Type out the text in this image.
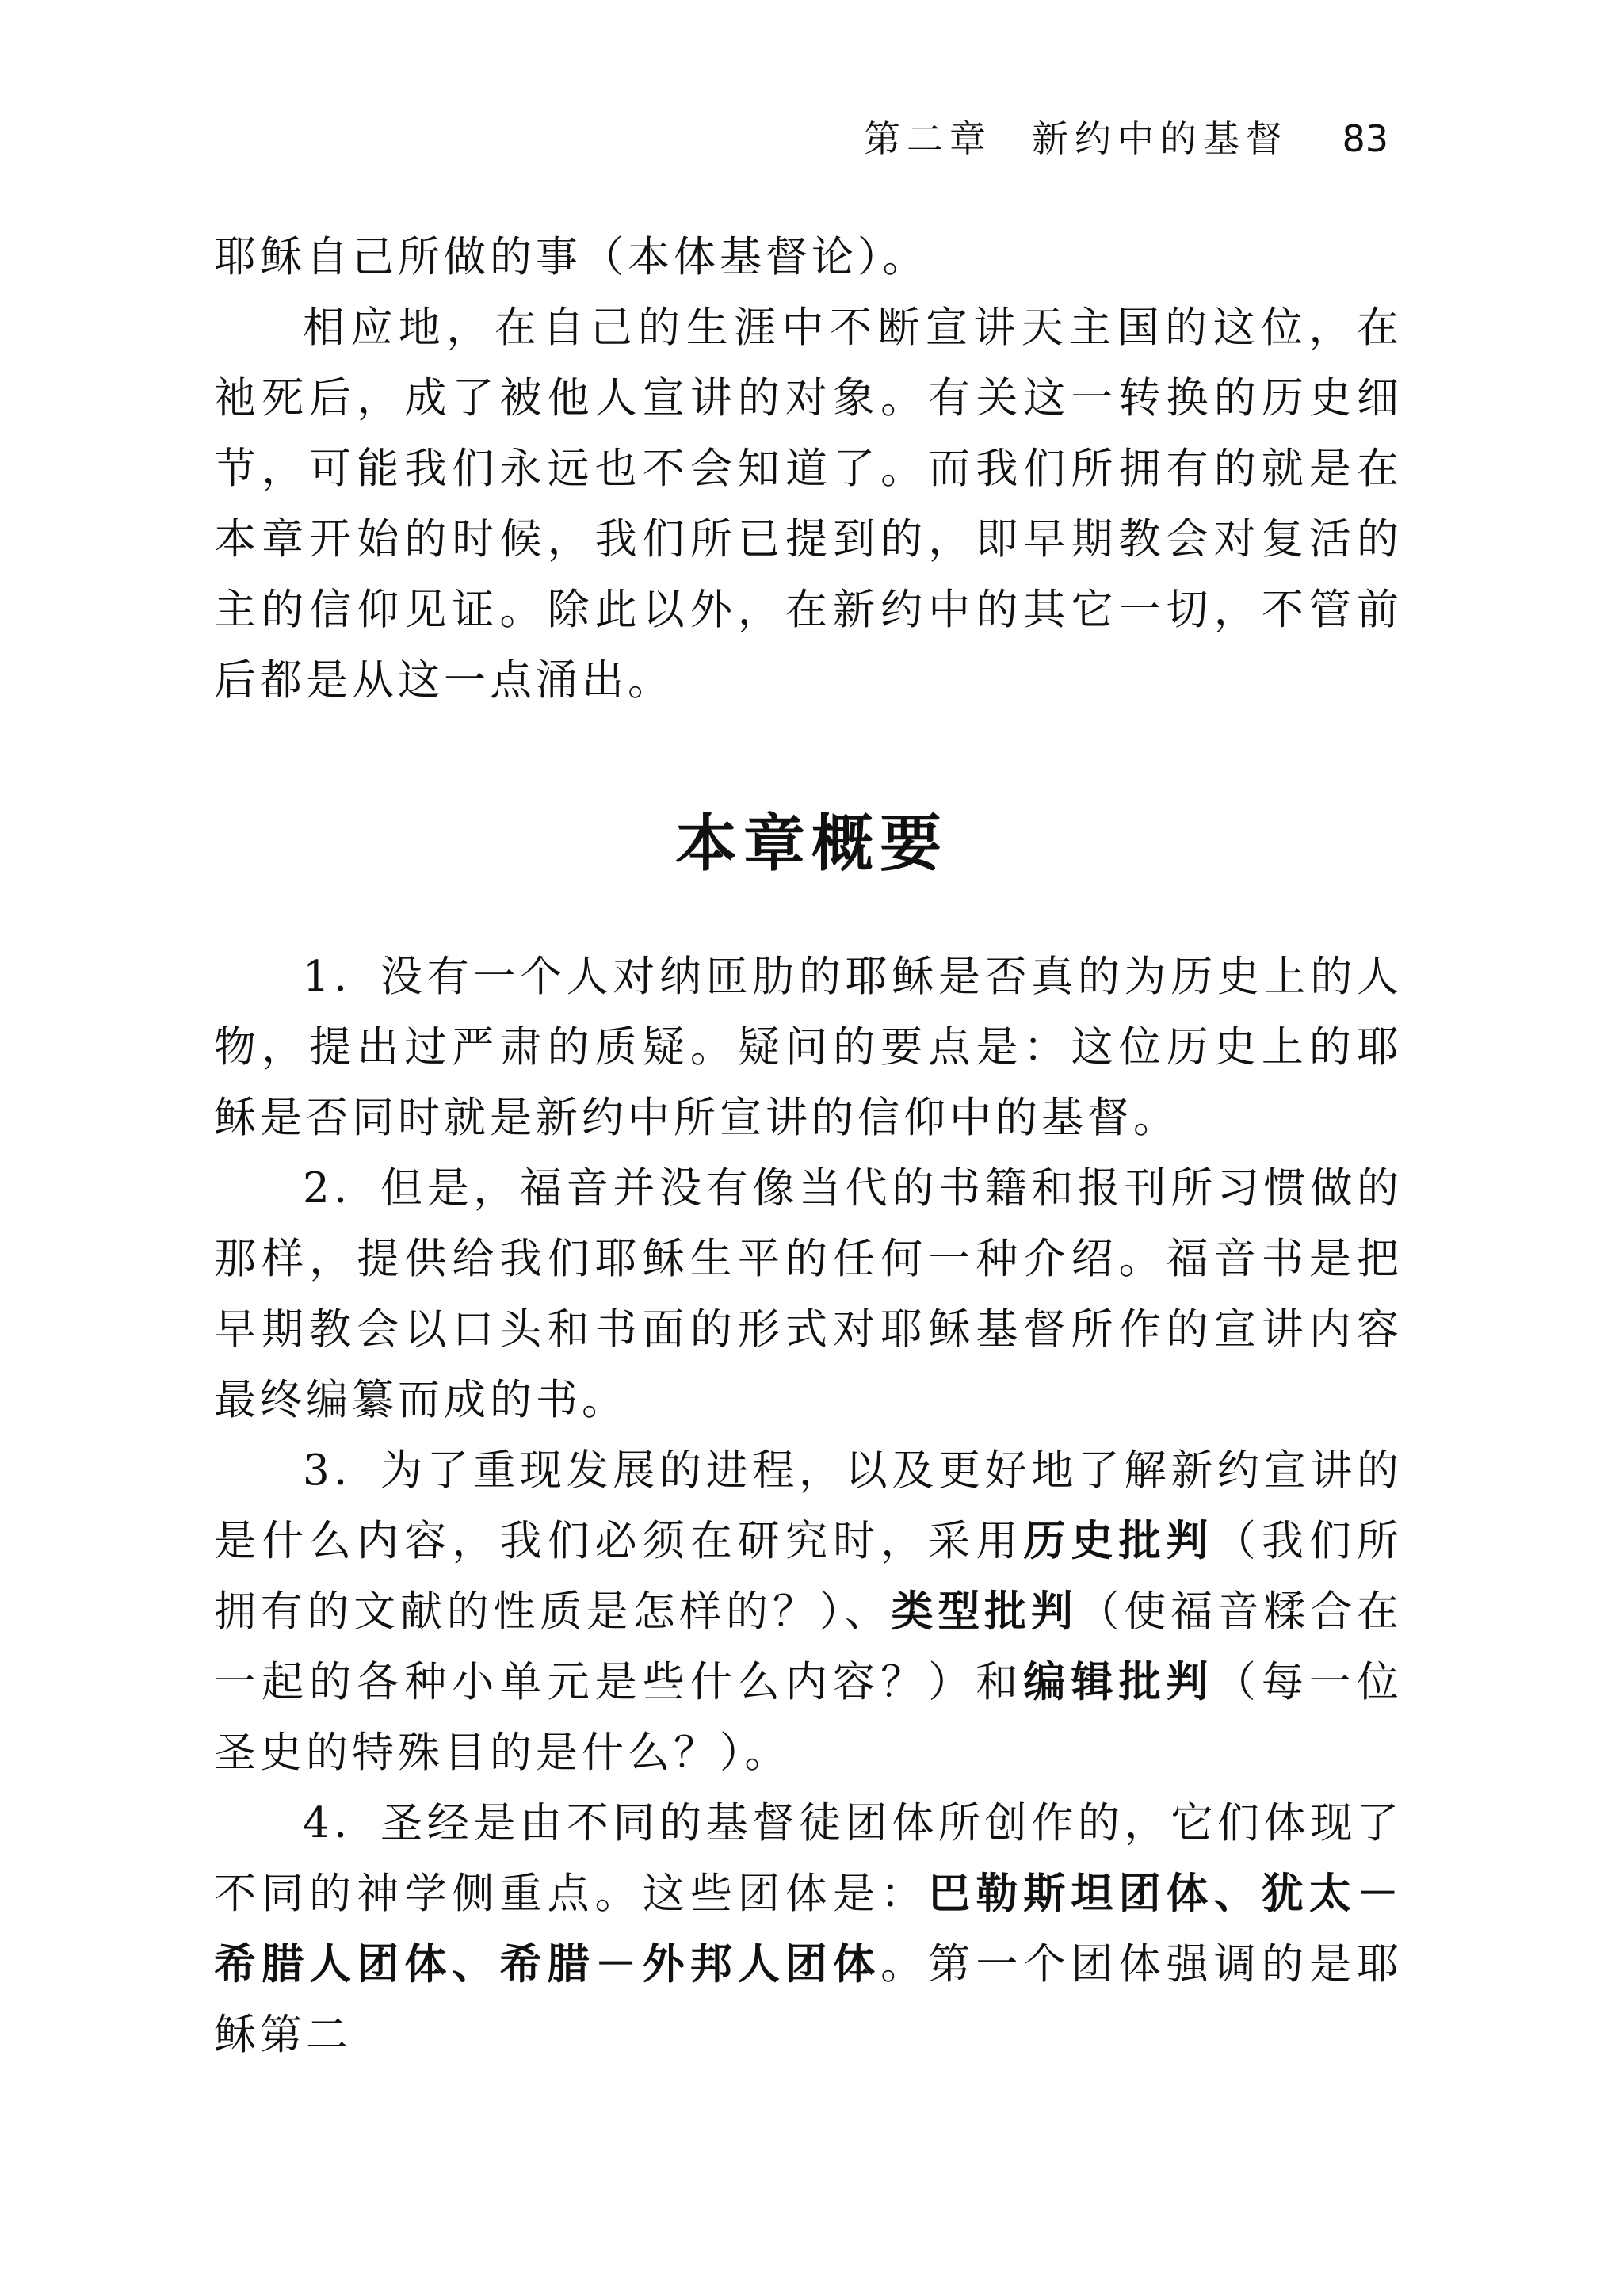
第二章 新约中的基督 83

耶稣自己所做的事（本体基督论）。

相应地，在自己的生涯中不断宣讲天主国的这位，在祂死后，成了被他人宣讲的对象。有关这一转换的历史细节，可能我们永远也不会知道了。而我们所拥有的就是在本章开始的时候，我们所已提到的，即早期教会对复活的主的信仰见证。除此以外，在新约中的其它一切，不管前后都是从这一点涌出。

本章概要

1．没有一个人对纳匝肋的耶稣是否真的为历史上的人物，提出过严肃的质疑。疑问的要点是：这位历史上的耶稣是否同时就是新约中所宣讲的信仰中的基督。

2．但是，福音并没有像当代的书籍和报刊所习惯做的那样，提供给我们耶稣生平的任何一种介绍。福音书是把早期教会以口头和书面的形式对耶稣基督所作的宣讲内容最终编纂而成的书。

3．为了重现发展的进程，以及更好地了解新约宣讲的是什么内容，我们必须在研究时，采用历史批判（我们所拥有的文献的性质是怎样的？）、类型批判（使福音糅合在一起的各种小单元是些什么内容？）和编辑批判（每一位圣史的特殊目的是什么？）。

4．圣经是由不同的基督徒团体所创作的，它们体现了不同的神学侧重点。这些团体是：巴勒斯坦团体、犹太－希腊人团体、希腊－外邦人团体。第一个团体强调的是耶稣第二
